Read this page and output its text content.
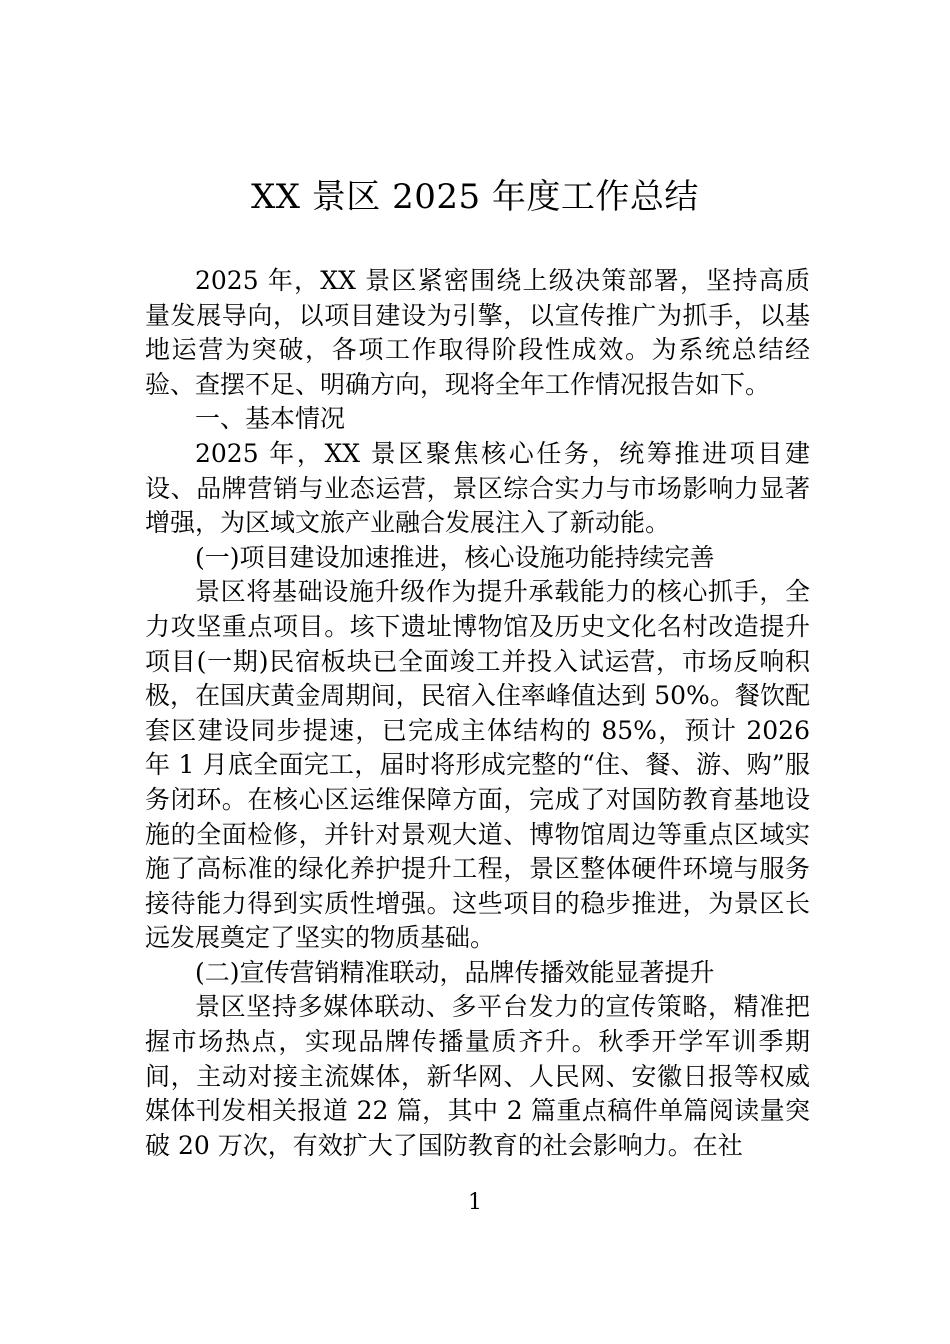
XX 景区 2025 年度工作总结

2025 年，XX 景区紧密围绕上级决策部署，坚持高质量发展导向，以项目建设为引擎，以宣传推广为抓手，以基地运营为突破，各项工作取得阶段性成效。为系统总结经验、查摆不足、明确方向，现将全年工作情况报告如下。

一、基本情况

2025 年，XX 景区聚焦核心任务，统筹推进项目建设、品牌营销与业态运营，景区综合实力与市场影响力显著增强，为区域文旅产业融合发展注入了新动能。

(一)项目建设加速推进，核心设施功能持续完善

景区将基础设施升级作为提升承载能力的核心抓手，全力攻坚重点项目。垓下遗址博物馆及历史文化名村改造提升项目(一期)民宿板块已全面竣工并投入试运营，市场反响积极，在国庆黄金周期间，民宿入住率峰值达到 50%。餐饮配套区建设同步提速，已完成主体结构的 85%，预计 2026 年 1 月底全面完工，届时将形成完整的“住、餐、游、购”服务闭环。在核心区运维保障方面，完成了对国防教育基地设施的全面检修，并针对景观大道、博物馆周边等重点区域实施了高标准的绿化养护提升工程，景区整体硬件环境与服务接待能力得到实质性增强。这些项目的稳步推进，为景区长远发展奠定了坚实的物质基础。

(二)宣传营销精准联动，品牌传播效能显著提升

景区坚持多媒体联动、多平台发力的宣传策略，精准把握市场热点，实现品牌传播量质齐升。秋季开学军训季期间，主动对接主流媒体，新华网、人民网、安徽日报等权威媒体刊发相关报道 22 篇，其中 2 篇重点稿件单篇阅读量突破 20 万次，有效扩大了国防教育的社会影响力。在社

1
